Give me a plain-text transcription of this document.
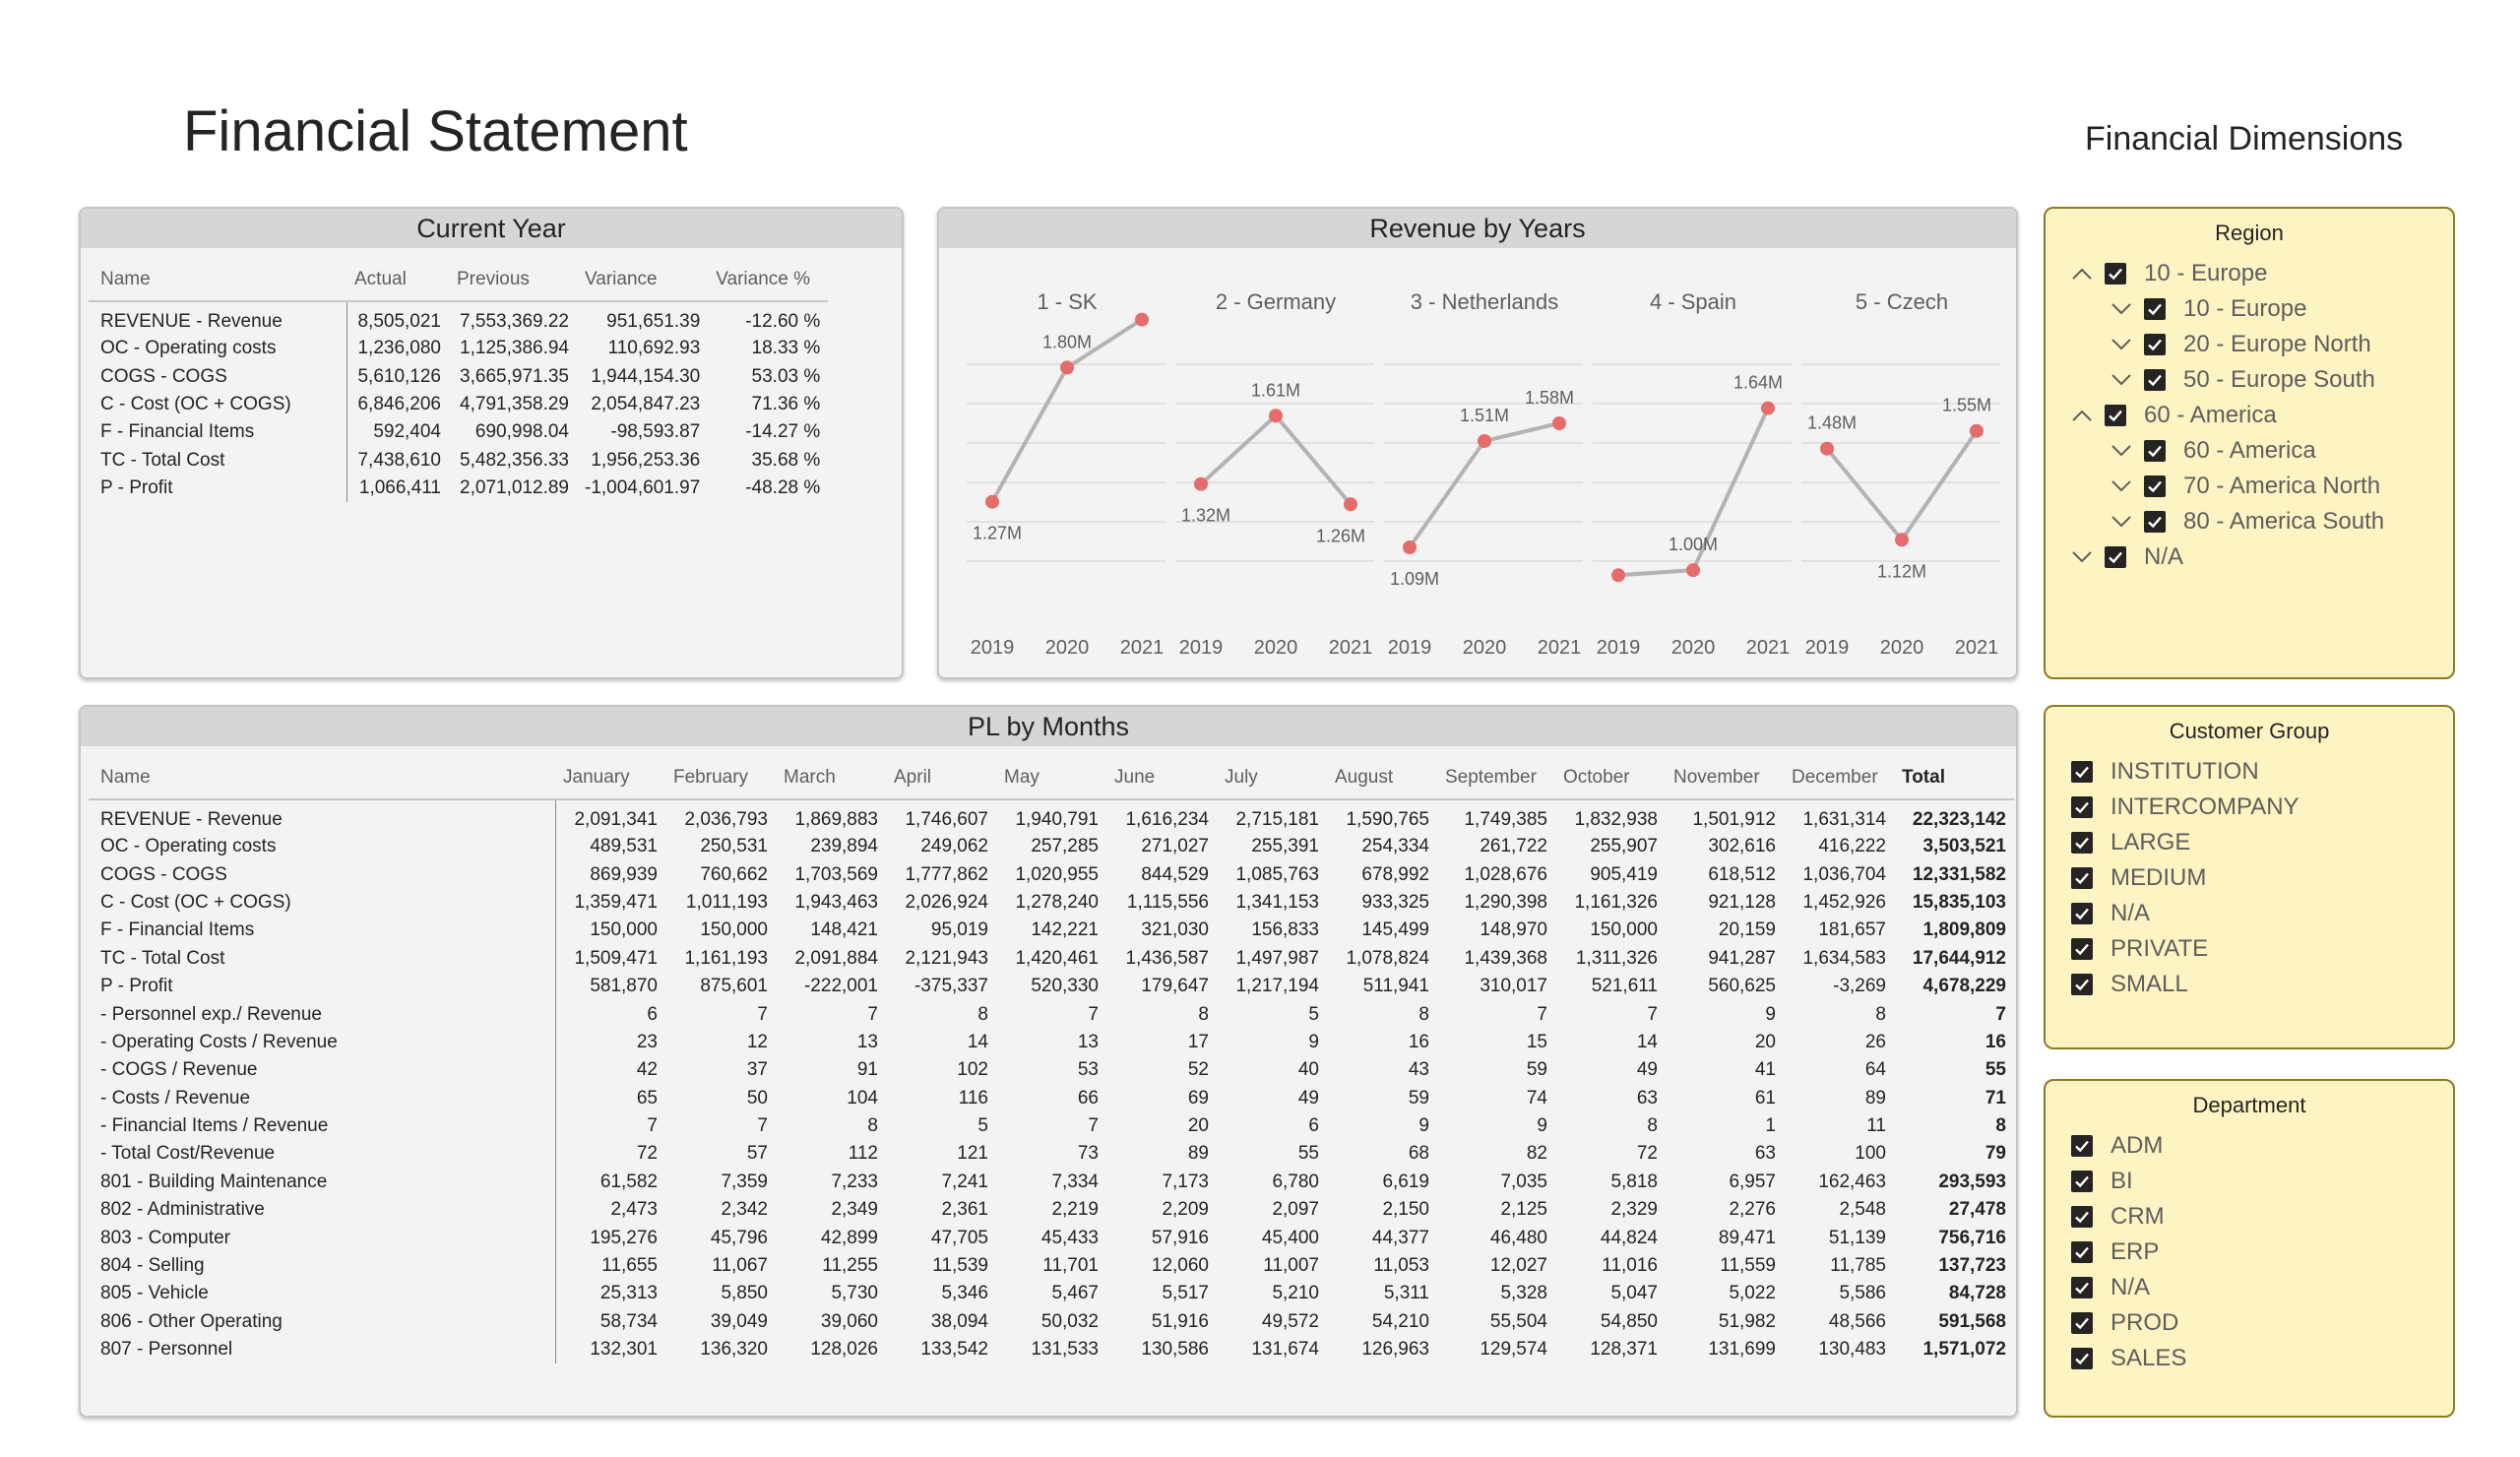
Financial Statement	Financial Dimensions
Current Year
Name	Actual	Previous	Variance	Variance %
REVENUE - Revenue	8,505,021	7,553,369.22	951,651.39	-12.60 %
OC - Operating costs	1,236,080	1,125,386.94	110,692.93	18.33 %
COGS - COGS	5,610,126	3,665,971.35	1,944,154.30	53.03 %
C - Cost (OC + COGS)	6,846,206	4,791,358.29	2,054,847.23	71.36 %
F - Financial Items	592,404	690,998.04	-98,593.87	-14.27 %
TC - Total Cost	7,438,610	5,482,356.33	1,956,253.36	35.68 %
P - Profit	1,066,411	2,071,012.89	-1,004,601.97	-48.28 %
Revenue by Years
1 - SK
1.27M
1.80M
2019 2020 2021
2 - Germany
1.32M
1.61M
1.26M
2019 2020 2021
3 - Netherlands
1.09M
1.51M
1.58M
2019 2020 2021
4 - Spain
1.00M
1.64M
2019 2020 2021
5 - Czech
1.48M
1.12M
1.55M
2019 2020 2021
PL by Months
Name	January	February	March	April	May	June	July	August	September	October	November	December	Total
REVENUE - Revenue	2,091,341	2,036,793	1,869,883	1,746,607	1,940,791	1,616,234	2,715,181	1,590,765	1,749,385	1,832,938	1,501,912	1,631,314	22,323,142
OC - Operating costs	489,531	250,531	239,894	249,062	257,285	271,027	255,391	254,334	261,722	255,907	302,616	416,222	3,503,521
COGS - COGS	869,939	760,662	1,703,569	1,777,862	1,020,955	844,529	1,085,763	678,992	1,028,676	905,419	618,512	1,036,704	12,331,582
C - Cost (OC + COGS)	1,359,471	1,011,193	1,943,463	2,026,924	1,278,240	1,115,556	1,341,153	933,325	1,290,398	1,161,326	921,128	1,452,926	15,835,103
F - Financial Items	150,000	150,000	148,421	95,019	142,221	321,030	156,833	145,499	148,970	150,000	20,159	181,657	1,809,809
TC - Total Cost	1,509,471	1,161,193	2,091,884	2,121,943	1,420,461	1,436,587	1,497,987	1,078,824	1,439,368	1,311,326	941,287	1,634,583	17,644,912
P - Profit	581,870	875,601	-222,001	-375,337	520,330	179,647	1,217,194	511,941	310,017	521,611	560,625	-3,269	4,678,229
- Personnel exp./ Revenue	6	7	7	8	7	8	5	8	7	7	9	8	7
- Operating Costs / Revenue	23	12	13	14	13	17	9	16	15	14	20	26	16
- COGS / Revenue	42	37	91	102	53	52	40	43	59	49	41	64	55
- Costs / Revenue	65	50	104	116	66	69	49	59	74	63	61	89	71
- Financial Items / Revenue	7	7	8	5	7	20	6	9	9	8	1	11	8
- Total Cost/Revenue	72	57	112	121	73	89	55	68	82	72	63	100	79
801 - Building Maintenance	61,582	7,359	7,233	7,241	7,334	7,173	6,780	6,619	7,035	5,818	6,957	162,463	293,593
802 - Administrative	2,473	2,342	2,349	2,361	2,219	2,209	2,097	2,150	2,125	2,329	2,276	2,548	27,478
803 - Computer	195,276	45,796	42,899	47,705	45,433	57,916	45,400	44,377	46,480	44,824	89,471	51,139	756,716
804 - Selling	11,655	11,067	11,255	11,539	11,701	12,060	11,007	11,053	12,027	11,016	11,559	11,785	137,723
805 - Vehicle	25,313	5,850	5,730	5,346	5,467	5,517	5,210	5,311	5,328	5,047	5,022	5,586	84,728
806 - Other Operating	58,734	39,049	39,060	38,094	50,032	51,916	49,572	54,210	55,504	54,850	51,982	48,566	591,568
807 - Personnel	132,301	136,320	128,026	133,542	131,533	130,586	131,674	126,963	129,574	128,371	131,699	130,483	1,571,072
Region
10 - Europe
10 - Europe
20 - Europe North
50 - Europe South
60 - America
60 - America
70 - America North
80 - America South
N/A
Customer Group
INSTITUTION
INTERCOMPANY
LARGE
MEDIUM
N/A
PRIVATE
SMALL
Department
ADM
BI
CRM
ERP
N/A
PROD
SALES
